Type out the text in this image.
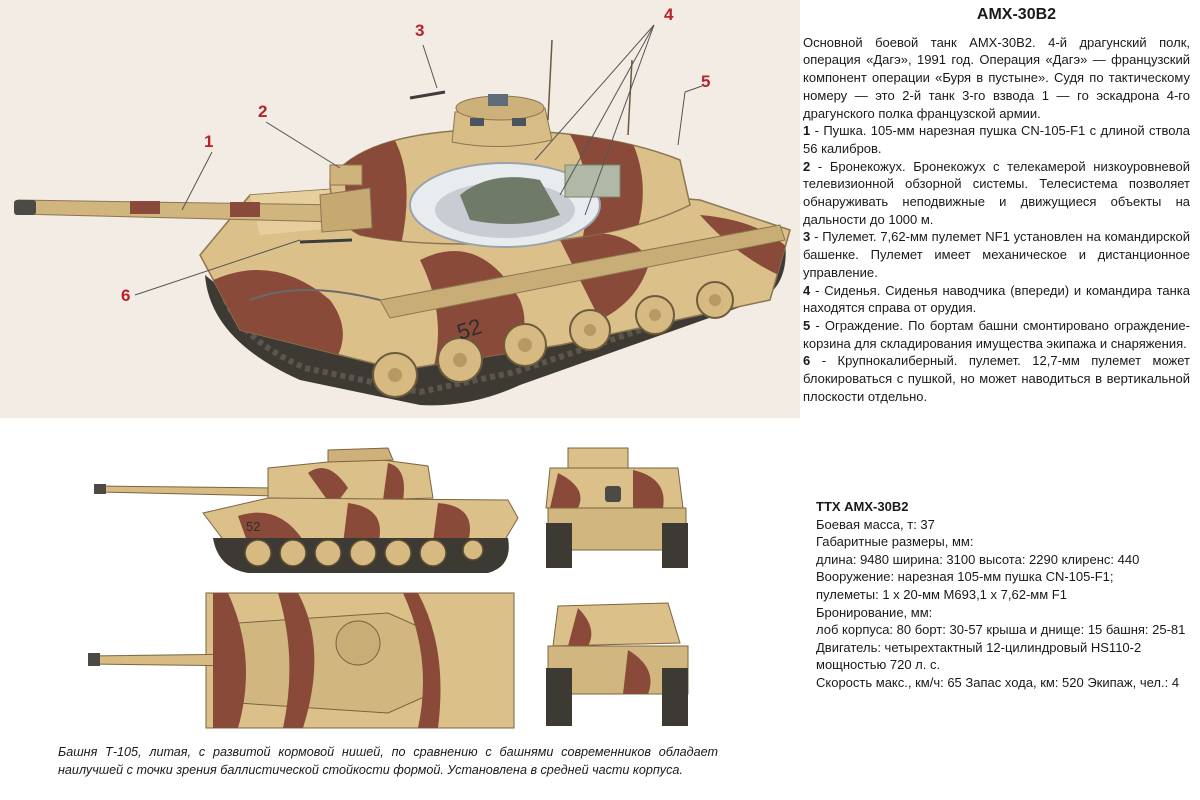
52
1
2
3
4
5
6
AMX-30B2

Основной боевой танк AMX-30B2. 4-й драгунский полк, операция «Дагэ», 1991 год. Операция «Дагэ» — французский компонент операции «Буря в пустыне». Судя по тактическому номеру — это 2-й танк 3-го взвода 1 — го эскадрона 4-го драгунского полка французской армии.

1 - Пушка. 105-мм нарезная пушка CN-105-F1 с длиной ствола 56 калибров.

2 - Бронекожух. Бронекожух с телекамерой низкоуровневой телевизионной обзорной системы. Телесистема позволяет обнаруживать неподвижные и движущиеся объекты на дальности до 1000 м.

3 - Пулемет. 7,62-мм пулемет NF1 установлен на командирской башенке. Пулемет имеет механическое и дистанционное управление.

4 - Сиденья. Сиденья наводчика (впереди) и командира танка находятся справа от орудия.

5 - Ограждение. По бортам башни смонтировано ограждение-корзина для складирования имущества экипажа и снаряжения.

6 - Крупнокалиберный. пулемет. 12,7-мм пулемет может блокироваться с пушкой, но может наводиться в вертикальной плоскости отдельно.

52
ТТХ АМХ-30В2
Боевая масса, т: 37
Габаритные размеры, мм:
длина: 9480 ширина: 3100 высота: 2290 клиренс: 440
Вооружение: нарезная 105-мм пушка CN-105-F1;
пулеметы: 1 х 20-мм M693,1 х 7,62-мм F1
Бронирование, мм:
лоб корпуса: 80 борт: 30-57 крыша и днище: 15 башня: 25-81
Двигатель: четырехтактный 12-цилиндровый HS110-2
мощностью 720 л. с.
Скорость макс., км/ч: 65 Запас хода, км: 520 Экипаж, чел.: 4
Башня Т-105, литая, с развитой кормовой нишей, по сравнению с башнями современников обладает наилучшей с точки зрения баллистической стойкости формой. Установлена в средней части корпуса.
